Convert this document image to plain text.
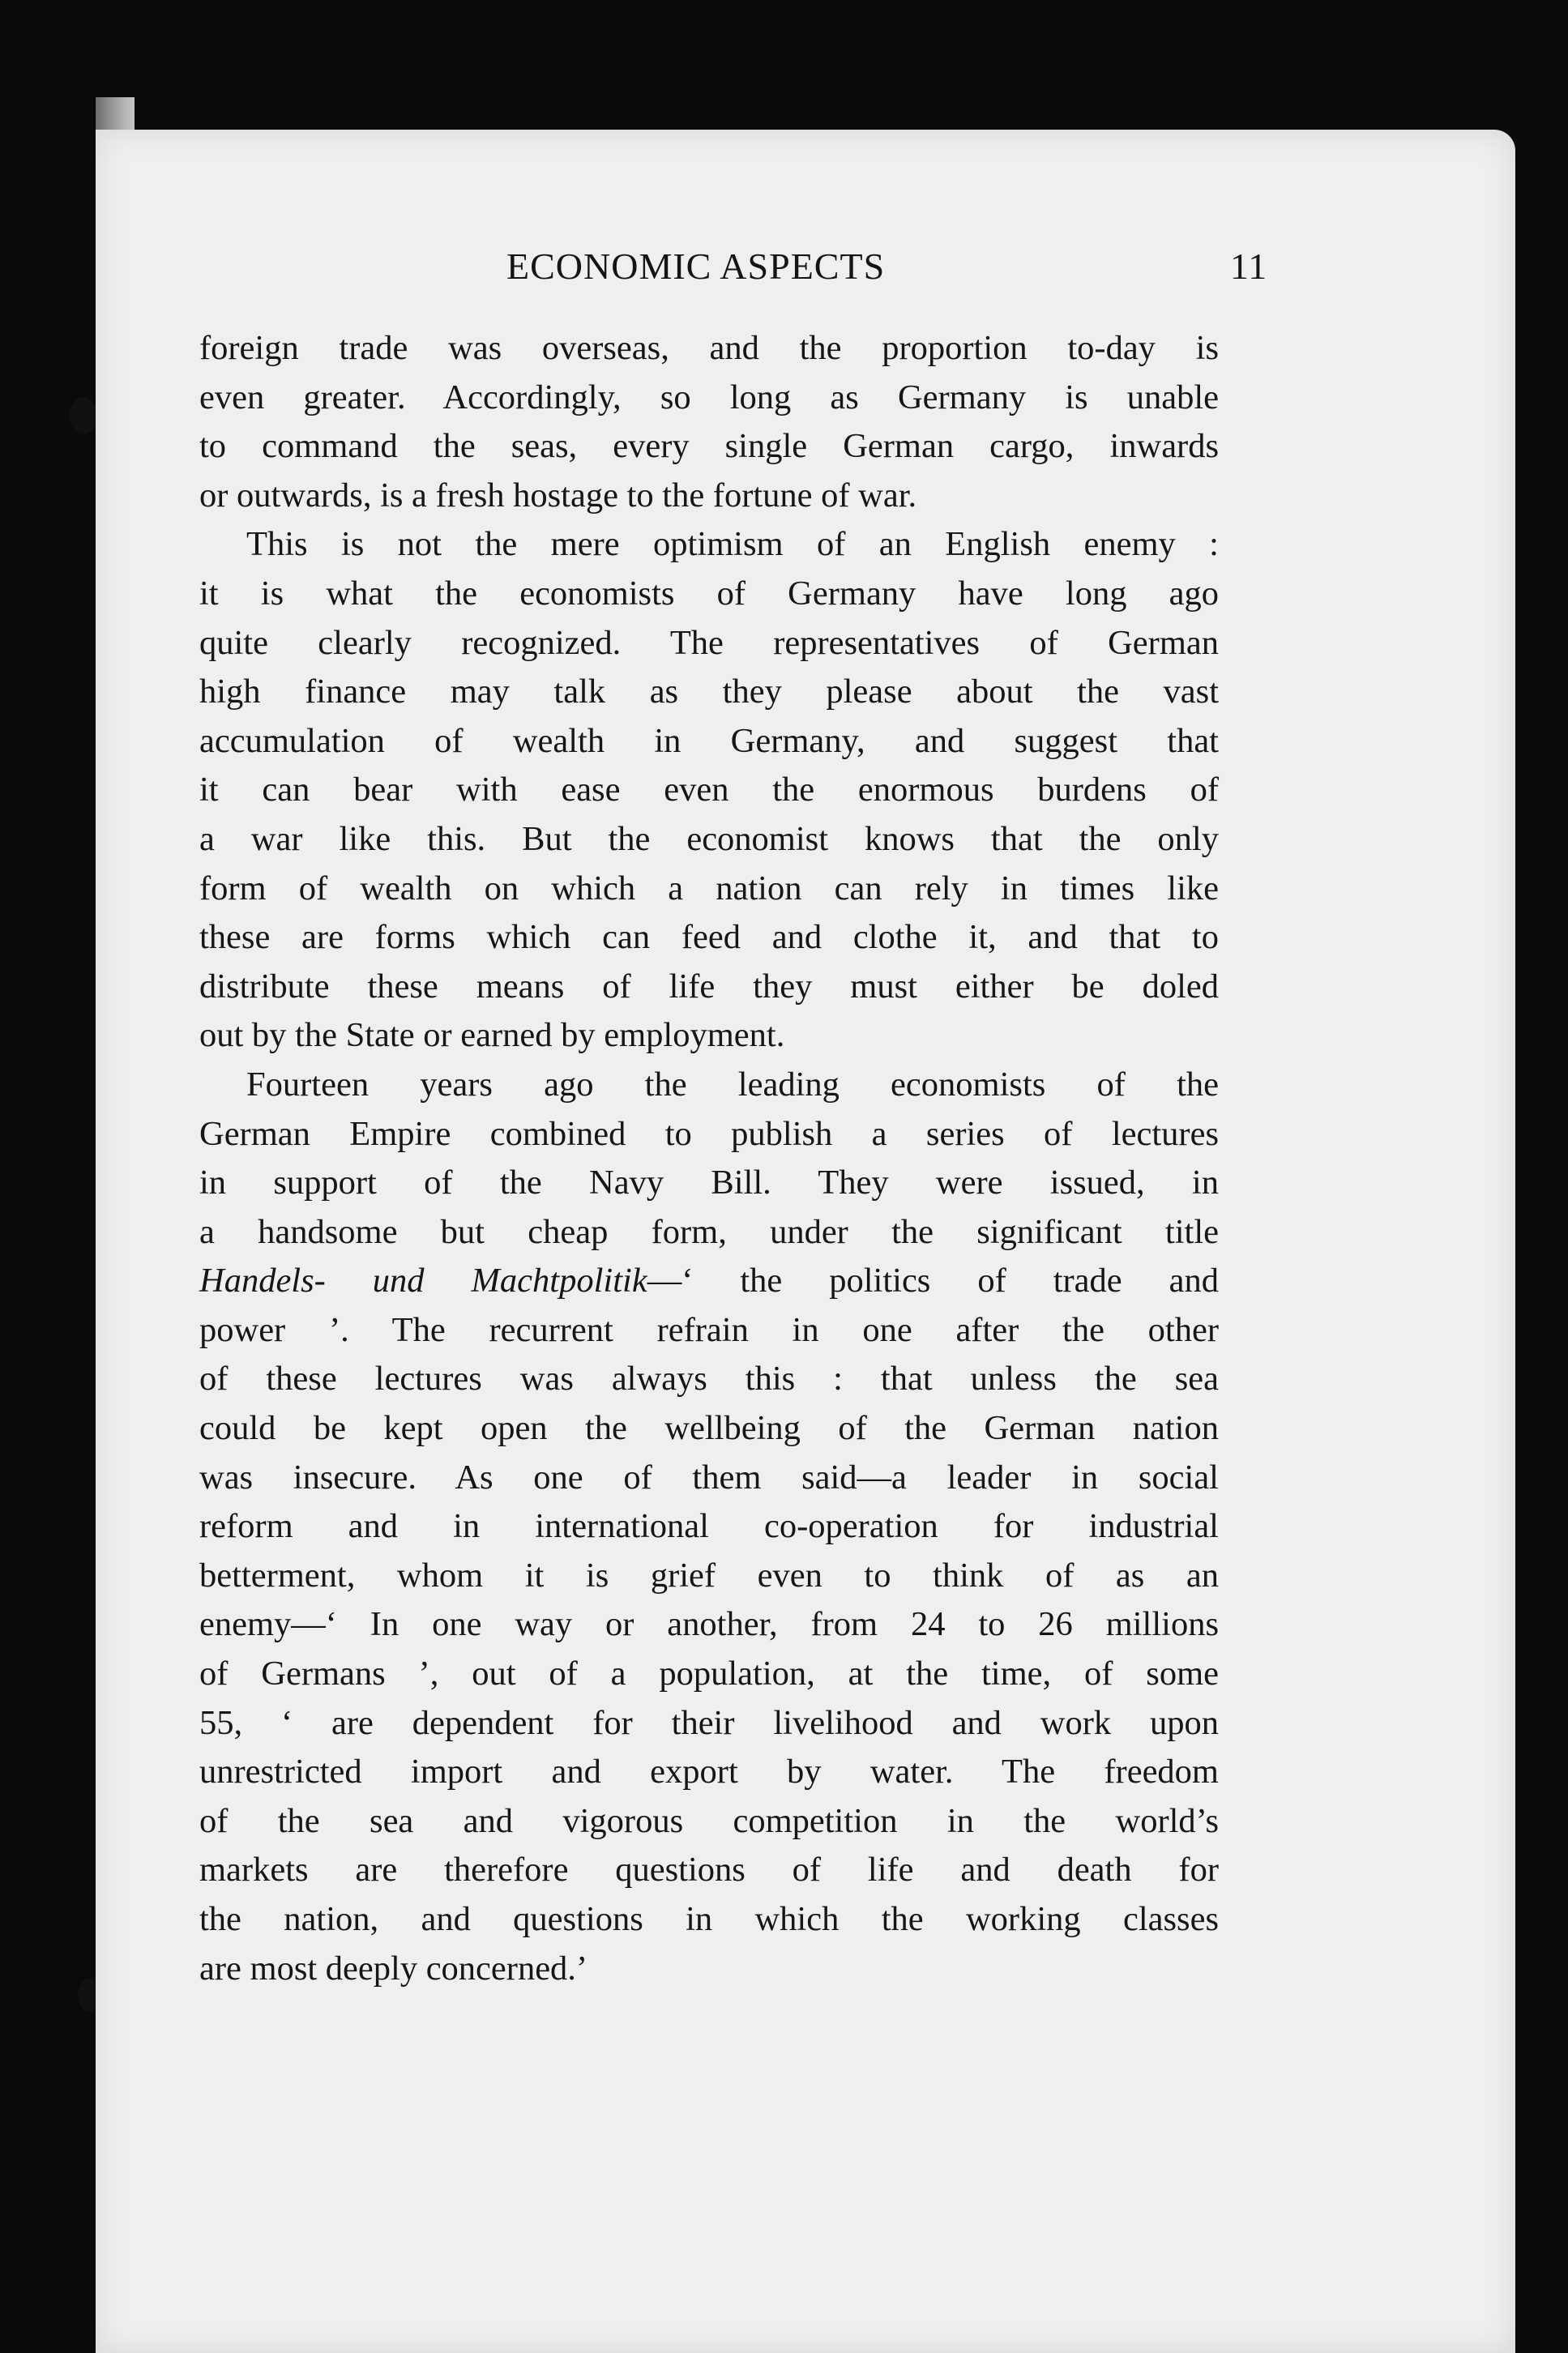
ECONOMIC ASPECTS	11
foreign trade was overseas, and the proportion to-day is
even greater. Accordingly, so long as Germany is unable
to command the seas, every single German cargo, inwards
or outwards, is a fresh hostage to the fortune of war.
This is not the mere optimism of an English enemy :
it is what the economists of Germany have long ago
quite clearly recognized. The representatives of German
high finance may talk as they please about the vast
accumulation of wealth in Germany, and suggest that
it can bear with ease even the enormous burdens of
a war like this. But the economist knows that the only
form of wealth on which a nation can rely in times like
these are forms which can feed and clothe it, and that to
distribute these means of life they must either be doled
out by the State or earned by employment.
Fourteen years ago the leading economists of the
German Empire combined to publish a series of lectures
in support of the Navy Bill. They were issued, in
a handsome but cheap form, under the significant title
Handels- und Machtpolitik—‘ the politics of trade and
power ’. The recurrent refrain in one after the other
of these lectures was always this : that unless the sea
could be kept open the wellbeing of the German nation
was insecure. As one of them said—a leader in social
reform and in international co-operation for industrial
betterment, whom it is grief even to think of as an
enemy—‘ In one way or another, from 24 to 26 millions
of Germans ’, out of a population, at the time, of some
55, ‘ are dependent for their livelihood and work upon
unrestricted import and export by water. The freedom
of the sea and vigorous competition in the world’s
markets are therefore questions of life and death for
the nation, and questions in which the working classes
are most deeply concerned.’
